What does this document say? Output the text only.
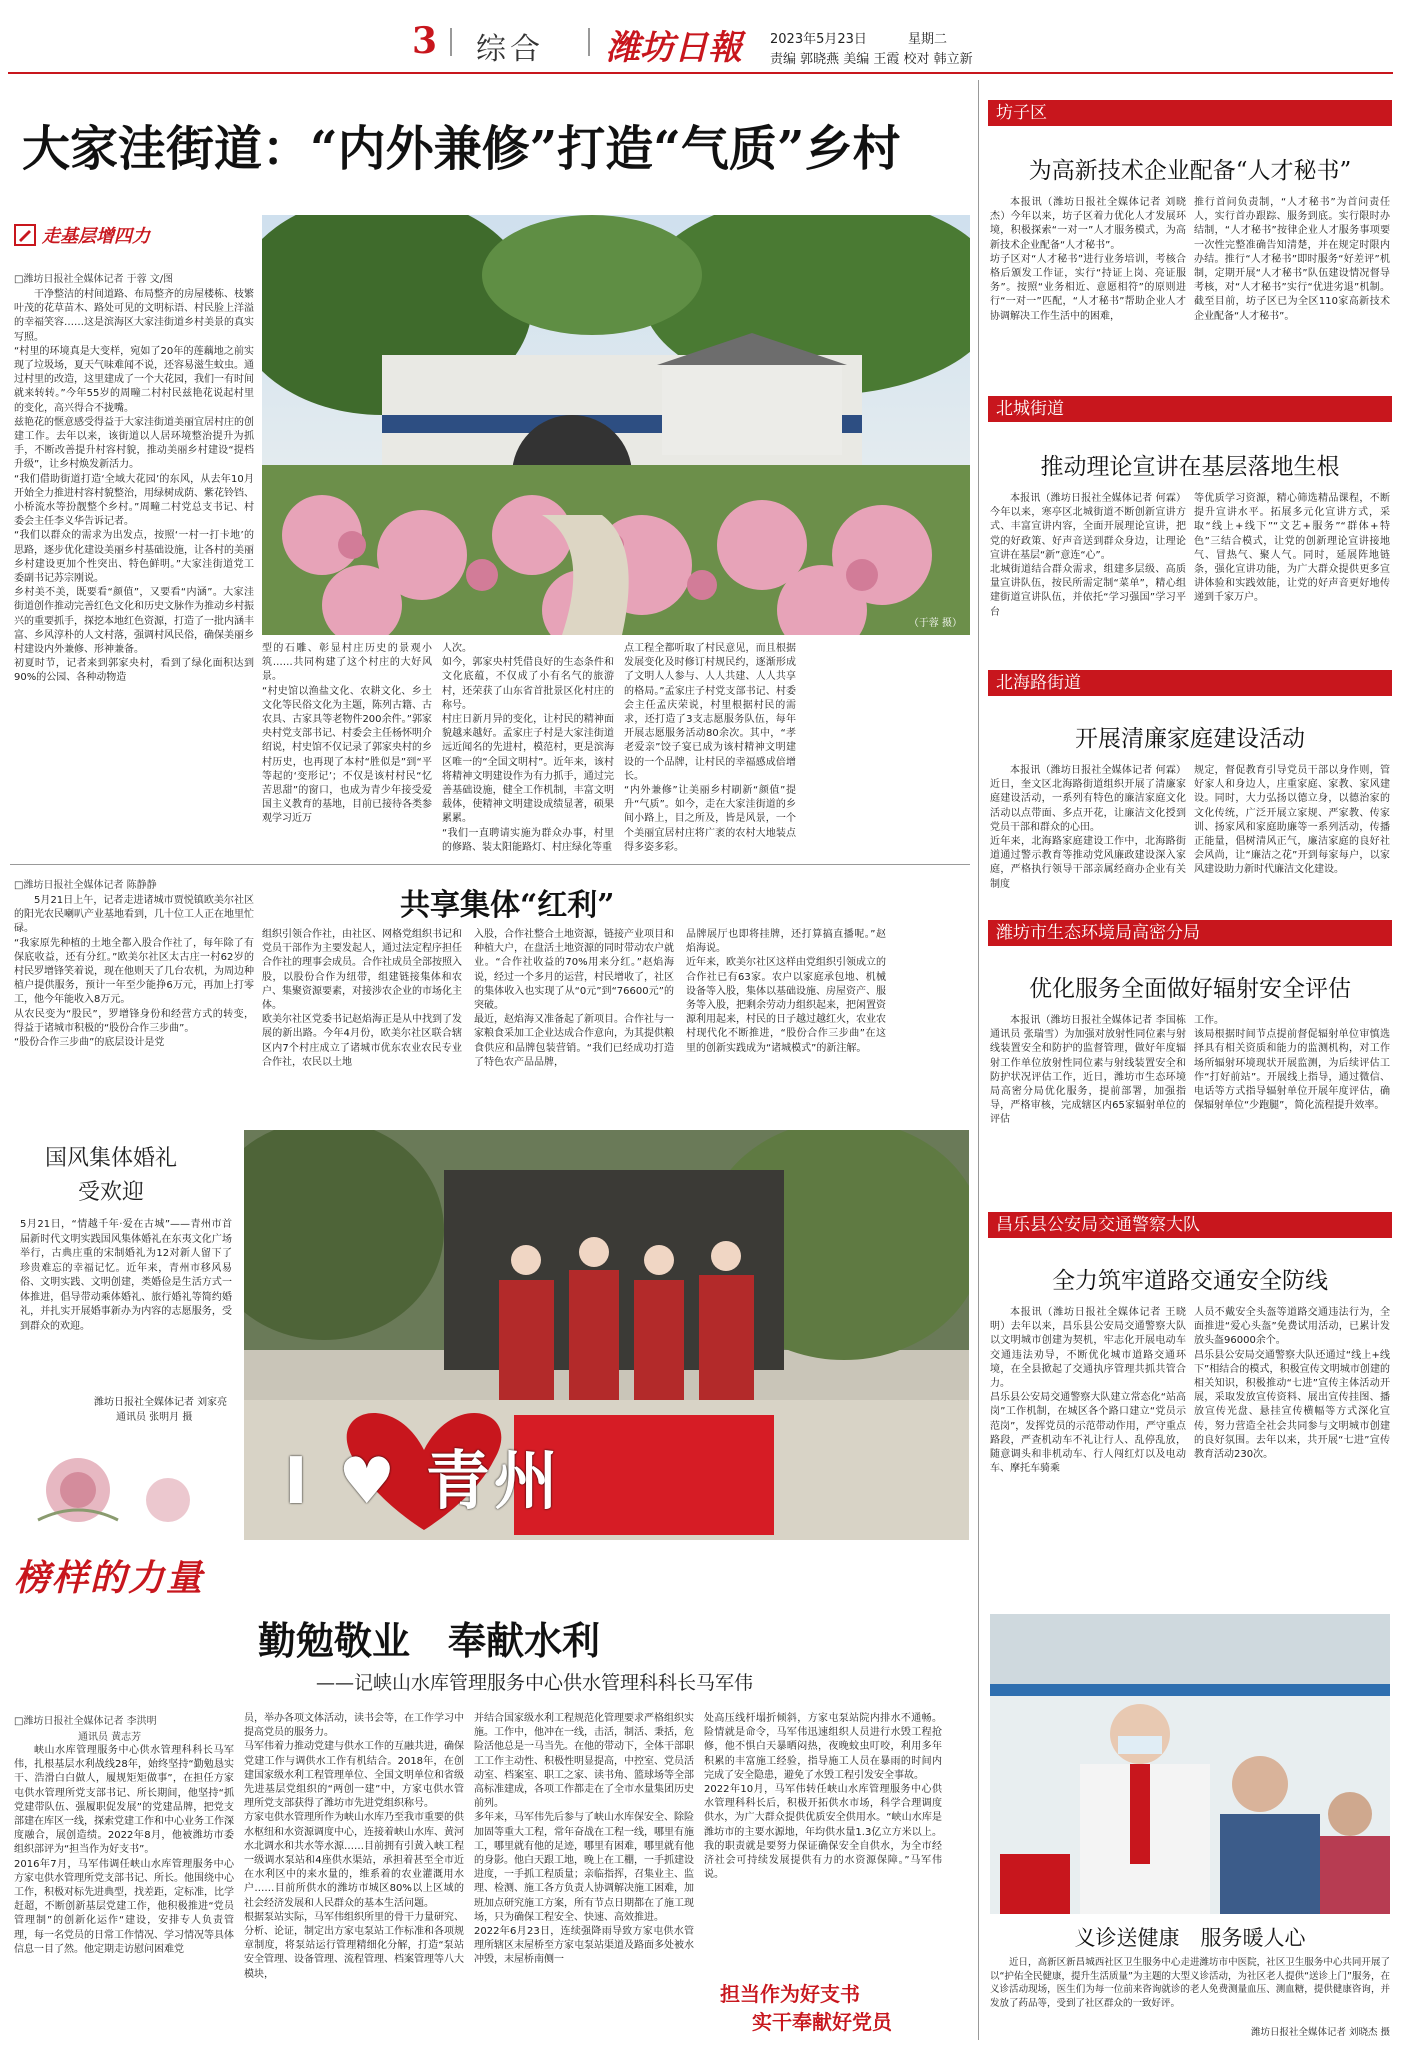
3 综合 潍坊日報 2023年5月23日	星期二
责编 郭晓燕 美编 王霞 校对 韩立新
大家洼街道：“内外兼修”打造“气质”乡村
走基层增四力
□潍坊日报社全媒体记者 于蓉 文/图
（于蓉 摄）

干净整洁的村间道路、布局整齐的房屋楼栋、枝繁叶茂的花草苗木、路处可见的文明标语、村民脸上洋溢的幸福笑容……这是滨海区大家洼街道乡村美景的真实写照。
“村里的环境真是大变样，宛如了20年的莲藕地之前实现了垃圾场，夏天气味难闻不说，还容易滋生蚊虫。通过村里的改造，这里建成了一个大花园，我们一有时间就来转转。”今年55岁的周疃二村村民兹艳花说起村里的变化，高兴得合不拢嘴。
兹艳花的惬意感受得益于大家洼街道美丽宜居村庄的创建工作。去年以来，该街道以人居环境整治提升为抓手，不断改善提升村容村貌，推动美丽乡村建设“提档升级”，让乡村焕发新活力。
“我们借助街道打造‘全域大花园’的东风，从去年10月开始全力推进村容村貌整治，用绿树成荫、紫花铃铛、小桥流水等扮靓整个乡村。”周疃二村党总支书记、村委会主任李义华告诉记者。
“我们以群众的需求为出发点，按照‘一村一打卡地’的思路，逐步优化建设美丽乡村基础设施，让各村的美丽乡村建设更加个性突出、特色鲜明。”大家洼街道党工委副书记苏宗刚说。
乡村美不美，既要看“颜值”，又要看“内涵”。大家洼街道创作推动完善红色文化和历史文脉作为推动乡村振兴的重要抓手，探挖本地红色资源，打造了一批内涵丰富、乡风淳朴的人文村落，强调村风民俗，确保美丽乡村建设内外兼修、形神兼备。
初夏时节，记者来到郭家央村，看到了绿化面积达到90%的公园、各种动物造

型的石雕、彰显村庄历史的景观小筑……共同构建了这个村庄的大好风景。
“村史馆以渔盐文化、农耕文化、乡土文化等民俗文化为主题，陈列古籍、古农具、古家具等老物件200余件。”郭家央村党支部书记、村委会主任杨怀明介绍说，村史馆不仅记录了郭家央村的乡村历史，也再现了本村“胜似是”到“平等起的‘变形记’；不仅是该村村民“忆苦思甜”的窗口，也成为青少年接受爱国主义教育的基地，目前已接待各类参观学习近万

人次。
如今，郭家央村凭借良好的生态条件和文化底蕴，不仅成了小有名气的旅游村，还荣获了山东省首批景区化村庄的称号。
村庄日新月异的变化，让村民的精神面貌越来越好。孟家庄子村是大家洼街道远近闻名的先进村，模范村，更是滨海区唯一的“全国文明村”。近年来，该村将精神文明建设作为有力抓手，通过完善基础设施，健全工作机制，丰富文明载体，使精神文明建设成绩显著，硕果累累。
“我们一直聘请实施为群众办事，村里的修路、装太阳能路灯、村庄绿化等重

点工程全都听取了村民意见，而且根据发展变化及时修订村规民约，逐渐形成了文明人人参与、人人共建、人人共享的格局。”孟家庄子村党支部书记、村委会主任孟庆荣说，村里根据村民的需求，还打造了3支志愿服务队伍，每年开展志愿服务活动80余次。其中，“孝老爱亲”饺子宴已成为该村精神文明建设的一个品牌，让村民的幸福感成倍增长。
“内外兼修”让美丽乡村刷新“颜值”提升“气质”。如今，走在大家洼街道的乡间小路上，目之所及，皆是风景，一个个美丽宜居村庄将广袤的农村大地装点得多姿多彩。

□潍坊日报社全媒体记者 陈静静
共享集体“红利”

5月21日上午，记者走进诸城市贾悦镇欧美尔社区的阳光农民喇叭产业基地看到，几十位工人正在地里忙碌。
“我家原先种植的土地全都入股合作社了，每年除了有保底收益，还有分红。”欧美尔社区太古庄一村62岁的村民罗增锋笑着说，现在他则天了几台农机，为周边种植户提供服务，预计一年至少能挣6万元，再加上打零工，他今年能收入8万元。
从农民变为“股民”，罗增锋身份和经营方式的转变，得益于诸城市积极的“股份合作三步曲”。
“股份合作三步曲”的底层设计是党

组织引领合作社，由社区、网格党组织书记和党员干部作为主要发起人，通过法定程序担任合作社的理事会成员。合作社成员全部按照入股，以股份合作为纽带，组建链接集体和农户、集聚资源要素，对接涉农企业的市场化主体。
欧美尔社区党委书记赵焰海正是从中找到了发展的新出路。今年4月份，欧美尔社区联合辖区内7个村庄成立了诸城市优东农业农民专业合作社，农民以土地

入股，合作社整合土地资源，链接产业项目和种植大户，在盘活土地资源的同时带动农户就业。“合作社收益的70%用来分红。”赵焰海说，经过一个多月的运营，村民增收了，社区的集体收入也实现了从“0元”到“76600元”的突破。
最近，赵焰海又准备起了新项目。合作社与一家粮食采加工企业达成合作意向，为其提供粮食供应和品牌包装营销。“我们已经成功打造了特色农产品品牌，

品牌展厅也即将挂牌，还打算搞直播呢。”赵焰海说。
近年来，欧美尔社区这样由党组织引领成立的合作社已有63家。农户以家庭承包地、机械设备等入股，集体以基础设施、房屋资产、服务等入股，把剩余劳动力组织起来，把闲置资源利用起来，村民的日子越过越红火，农业农村现代化不断推进，“股份合作三步曲”在这里的创新实践成为“诸城模式”的新注解。

国风集体婚礼受欢迎
5月21日，“情越千年·爱在古城”——青州市首届新时代文明实践国风集体婚礼在东夷文化广场举行，古典庄重的宋制婚礼为12对新人留下了珍贵难忘的幸福记忆。近年来，青州市移风易俗、文明实践、文明创建，类婚俭是生活方式一体推进，倡导带动乘体婚礼、旅行婚礼等简约婚礼，并扎实开展婚事新办为内容的志愿服务，受到群众的欢迎。
潍坊日报社全媒体记者 刘家亮
通讯员 张明月 摄
I ♥ 青州
榜样的力量
勤勉敬业　奉献水利
——记峡山水库管理服务中心供水管理科科长马军伟
□潍坊日报社全媒体记者 李洪明
通讯员 黄志芳

峡山水库管理服务中心供水管理科科长马军伟，扎根基层水利战线28年，始终坚持“勤勉恳实干、浩滑白白做人，履规矩矩做事”，在担任方家屯供水管理所党支部书记、所长期间，他坚持“抓党建带队伍、强履职促发展”的党建品牌，把党支部建在库区一线，探索党建工作和中心业务工作深度融合，展创造绩。2022年8月，他被潍坊市委组织部评为“担当作为好支书”。
2016年7月，马军伟调任峡山水库管理服务中心方家屯供水管理所党支部书记、所长。他围绕中心工作，积极对标先进典型，找差距，定标准，比学赶超，不断创新基层党建工作，他积极推进“党员管理制”的创新化运作“建设，安排专人负责管理，每一名党员的日常工作情况、学习情况等具体信息一目了然。他定期走访慰问困难党

员，举办各项文体活动，读书会等，在工作学习中提高党员的服务力。
马军伟着力推动党建与供水工作的互融共进，确保党建工作与调供水工作有机结合。2018年，在创建国家级水利工程管理单位、全国文明单位和省级先进基层党组织的“两创一建”中，方家屯供水管理所党支部获得了潍坊市先进党组织称号。
方家屯供水管理所作为峡山水库乃至我市重要的供水枢纽和水资源调度中心，连接着峡山水库、黄河水北调水和共水等水源……目前拥有引黄入峡工程一级调水泵站和4座供水渠站，承担着甚至全市近在水利区中的来水量的，维系着的农业灌溉用水户……目前所供水的潍坊市城区80%以上区域的社会经济发展和人民群众的基本生活问题。
根据泵站实际，马军伟组织所里的骨干力量研究、分析、论证，制定出方家屯泵站工作标准和各项规章制度，将泵站运行管理精细化分解，打造“泵站安全管理、设备管理、流程管理、档案管理等八大模块，

并结合国家级水利工程规范化管理要求严格组织实施。工作中，他冲在一线，击活，制活、秉括，危险活他总是一马当先。在他的带动下，全体干部职工工作主动性、积极性明显提高，中控室、党员活动室、档案室、职工之家、读书角、篮球场等全部高标准建成，各项工作都走在了全市水量集团历史前列。
多年来，马军伟先后参与了峡山水库保安全、除险加固等重大工程，常年奋战在工程一线，哪里有施工，哪里就有他的足迹，哪里有困难，哪里就有他的身影。他白天跟工地，晚上在工棚，一手抓建设进度，一手抓工程质量；亲临指挥，召集业主、监理、检测、施工各方负责人协调解决施工困难，加班加点研究施工方案，所有节点日期都在了施工现场，只为确保工程安全、快速、高效推进。
2022年6月23日，连续强降雨导致方家屯供水管理所辖区末屋桥至方家屯泵站渠道及路面多处被水冲毁，末屋桥南侧一

处高压线杆塌折倾斜，方家屯泵站院内排水不通畅。险情就是命令，马军伟迅速组织人员进行水毁工程抢修，他不惧白天暴晒闷热，夜晚蚊虫叮咬，利用多年积累的丰富施工经验，指导施工人员在暴雨的时间内完成了安全隐患，避免了水毁工程引发安全事故。
2022年10月，马军伟转任峡山水库管理服务中心供水管理科科长后，积极开拓供水市场，科学合理调度供水，为广大群众提供优质安全供用水。“峡山水库是潍坊市的主要水源地，年均供水量1.3亿立方米以上。我的职责就是要努力保证确保安全自供水，为全市经济社会可持续发展提供有力的水资源保障。”马军伟说。

担当作为好支书
实干奉献好党员
坊子区
为高新技术企业配备“人才秘书”

本报讯（潍坊日报社全媒体记者 刘晓杰）今年以来，坊子区着力优化人才发展环境，积极探索“一对一”人才服务模式，为高新技术企业配备“人才秘书”。
坊子区对“人才秘书”进行业务培训，考核合格后颁发工作证，实行“持证上岗、亮证服务”。按照“业务相近、意愿相符”的原则进行“一对一”匹配，“人才秘书”帮助企业人才协调解决工作生活中的困难，

推行首问负责制，“人才秘书”为首问责任人，实行首办跟踪、服务到底。实行限时办结制，“人才秘书”按律企业人才服务事项要一次性完整准确告知清楚，并在规定时限内办结。推行“人才秘书”即时服务“好差评”机制，定期开展“人才秘书”队伍建设情况督导考核，对“人才秘书”实行“优进劣退”机制。截至目前，坊子区已为全区110家高新技术企业配备“人才秘书”。

北城街道
推动理论宣讲在基层落地生根

本报讯（潍坊日报社全媒体记者 何霖）今年以来，寒亭区北城街道不断创新宣讲方式、丰富宣讲内容，全面开展理论宣讲，把党的好政策、好声音送到群众身边，让理论宣讲在基层“新”意连“心”。
北城街道结合群众需求，组建多层级、高质量宣讲队伍，按民所需定制“菜单”，精心组建街道宣讲队伍，并依托“学习强国”学习平台

等优质学习资源，精心筛选精品课程，不断提升宣讲水平。拓展多元化宣讲方式，采取“线上+线下”“文艺+服务”“群体+特色”三结合模式，让党的创新理论宣讲接地气、冒热气、聚人气。同时，延展阵地链条，强化宣讲功能，为广大群众提供更多宣讲体验和实践效能，让党的好声音更好地传递到千家万户。

北海路街道
开展清廉家庭建设活动

本报讯（潍坊日报社全媒体记者 何霖）近日，奎文区北海路街道组织开展了清廉家庭建设活动，一系列有特色的廉洁家庭文化活动以点带面、多点开花，让廉洁文化授到党员干部和群众的心田。
近年来，北海路家庭建设工作中，北海路街道通过警示教育等推动党风廉政建设深入家庭，严格执行领导干部亲属经商办企业有关制度

规定，督促教育引导党员干部以身作则，管好家人和身边人，庄重家庭、家教、家风建设。同时，大力弘扬以德立身，以德治家的文化传统，广泛开展立家规、严家教、传家训、扬家风和家庭助廉等一系列活动，传播正能量，倡树清风正气，廉洁家庭的良好社会风尚，让“廉洁之花”开到每家每户，以家风建设助力新时代廉洁文化建设。

潍坊市生态环境局高密分局
优化服务全面做好辐射安全评估

本报讯（潍坊日报社全媒体记者 李国栋 通讯员 张瑞雪）为加强对放射性同位素与射线装置安全和防护的监督管理，做好年度辐射工作单位放射性同位素与射线装置安全和防护状况评估工作，近日，潍坊市生态环境局高密分局优化服务，提前部署，加强指导，严格审核，完成辖区内65家辐射单位的评估

工作。
该局根据时间节点提前督促辐射单位审慎选择具有相关资质和能力的监测机构，对工作场所辐射环境现状开展监测，为后续评估工作“打好前站”。开展线上指导，通过微信、电话等方式指导辐射单位开展年度评估，确保辐射单位“少跑腿”，简化流程提升效率。

昌乐县公安局交通警察大队
全力筑牢道路交通安全防线

本报讯（潍坊日报社全媒体记者 王晓明）去年以来，昌乐县公安局交通警察大队以文明城市创建为契机，牢志化开展电动车交通违法劝导，不断优化城市道路交通环境，在全县掀起了交通执序管理共抓共管合力。
昌乐县公安局交通警察大队建立常态化“站高岗”工作机制，在城区各个路口建立“党员示范岗”，发挥党员的示范带动作用，严守重点路段，严查机动车不礼让行人、乱停乱放，随意调头和非机动车、行人闯红灯以及电动车、摩托车骑乘

人员不戴安全头盔等道路交通违法行为，全面推进“爱心头盔”免费试用活动，已累计发放头盔96000余个。
昌乐县公安局交通警察大队还通过“线上+线下”相结合的模式，积极宣传文明城市创建的相关知识，积极推动“七进”宣传主体活动开展，采取发放宣传资料、展出宣传挂图、播放宣传光盘、悬挂宣传横幅等方式深化宣传，努力营造全社会共同参与文明城市创建的良好氛围。去年以来，共开展“七进”宣传教育活动230次。

义诊送健康　服务暖人心
近日，高新区新昌城西社区卫生服务中心走进潍坊市中医院，社区卫生服务中心共同开展了以“护佑全民健康，提升生活质量”为主题的大型义诊活动，为社区老人提供“送诊上门”服务，在义诊活动现场，医生们为每一位前来咨询就诊的老人免费测量血压、测血糖，提供健康咨询，并发放了药品等，受到了社区群众的一致好评。
潍坊日报社全媒体记者 刘晓杰 摄
